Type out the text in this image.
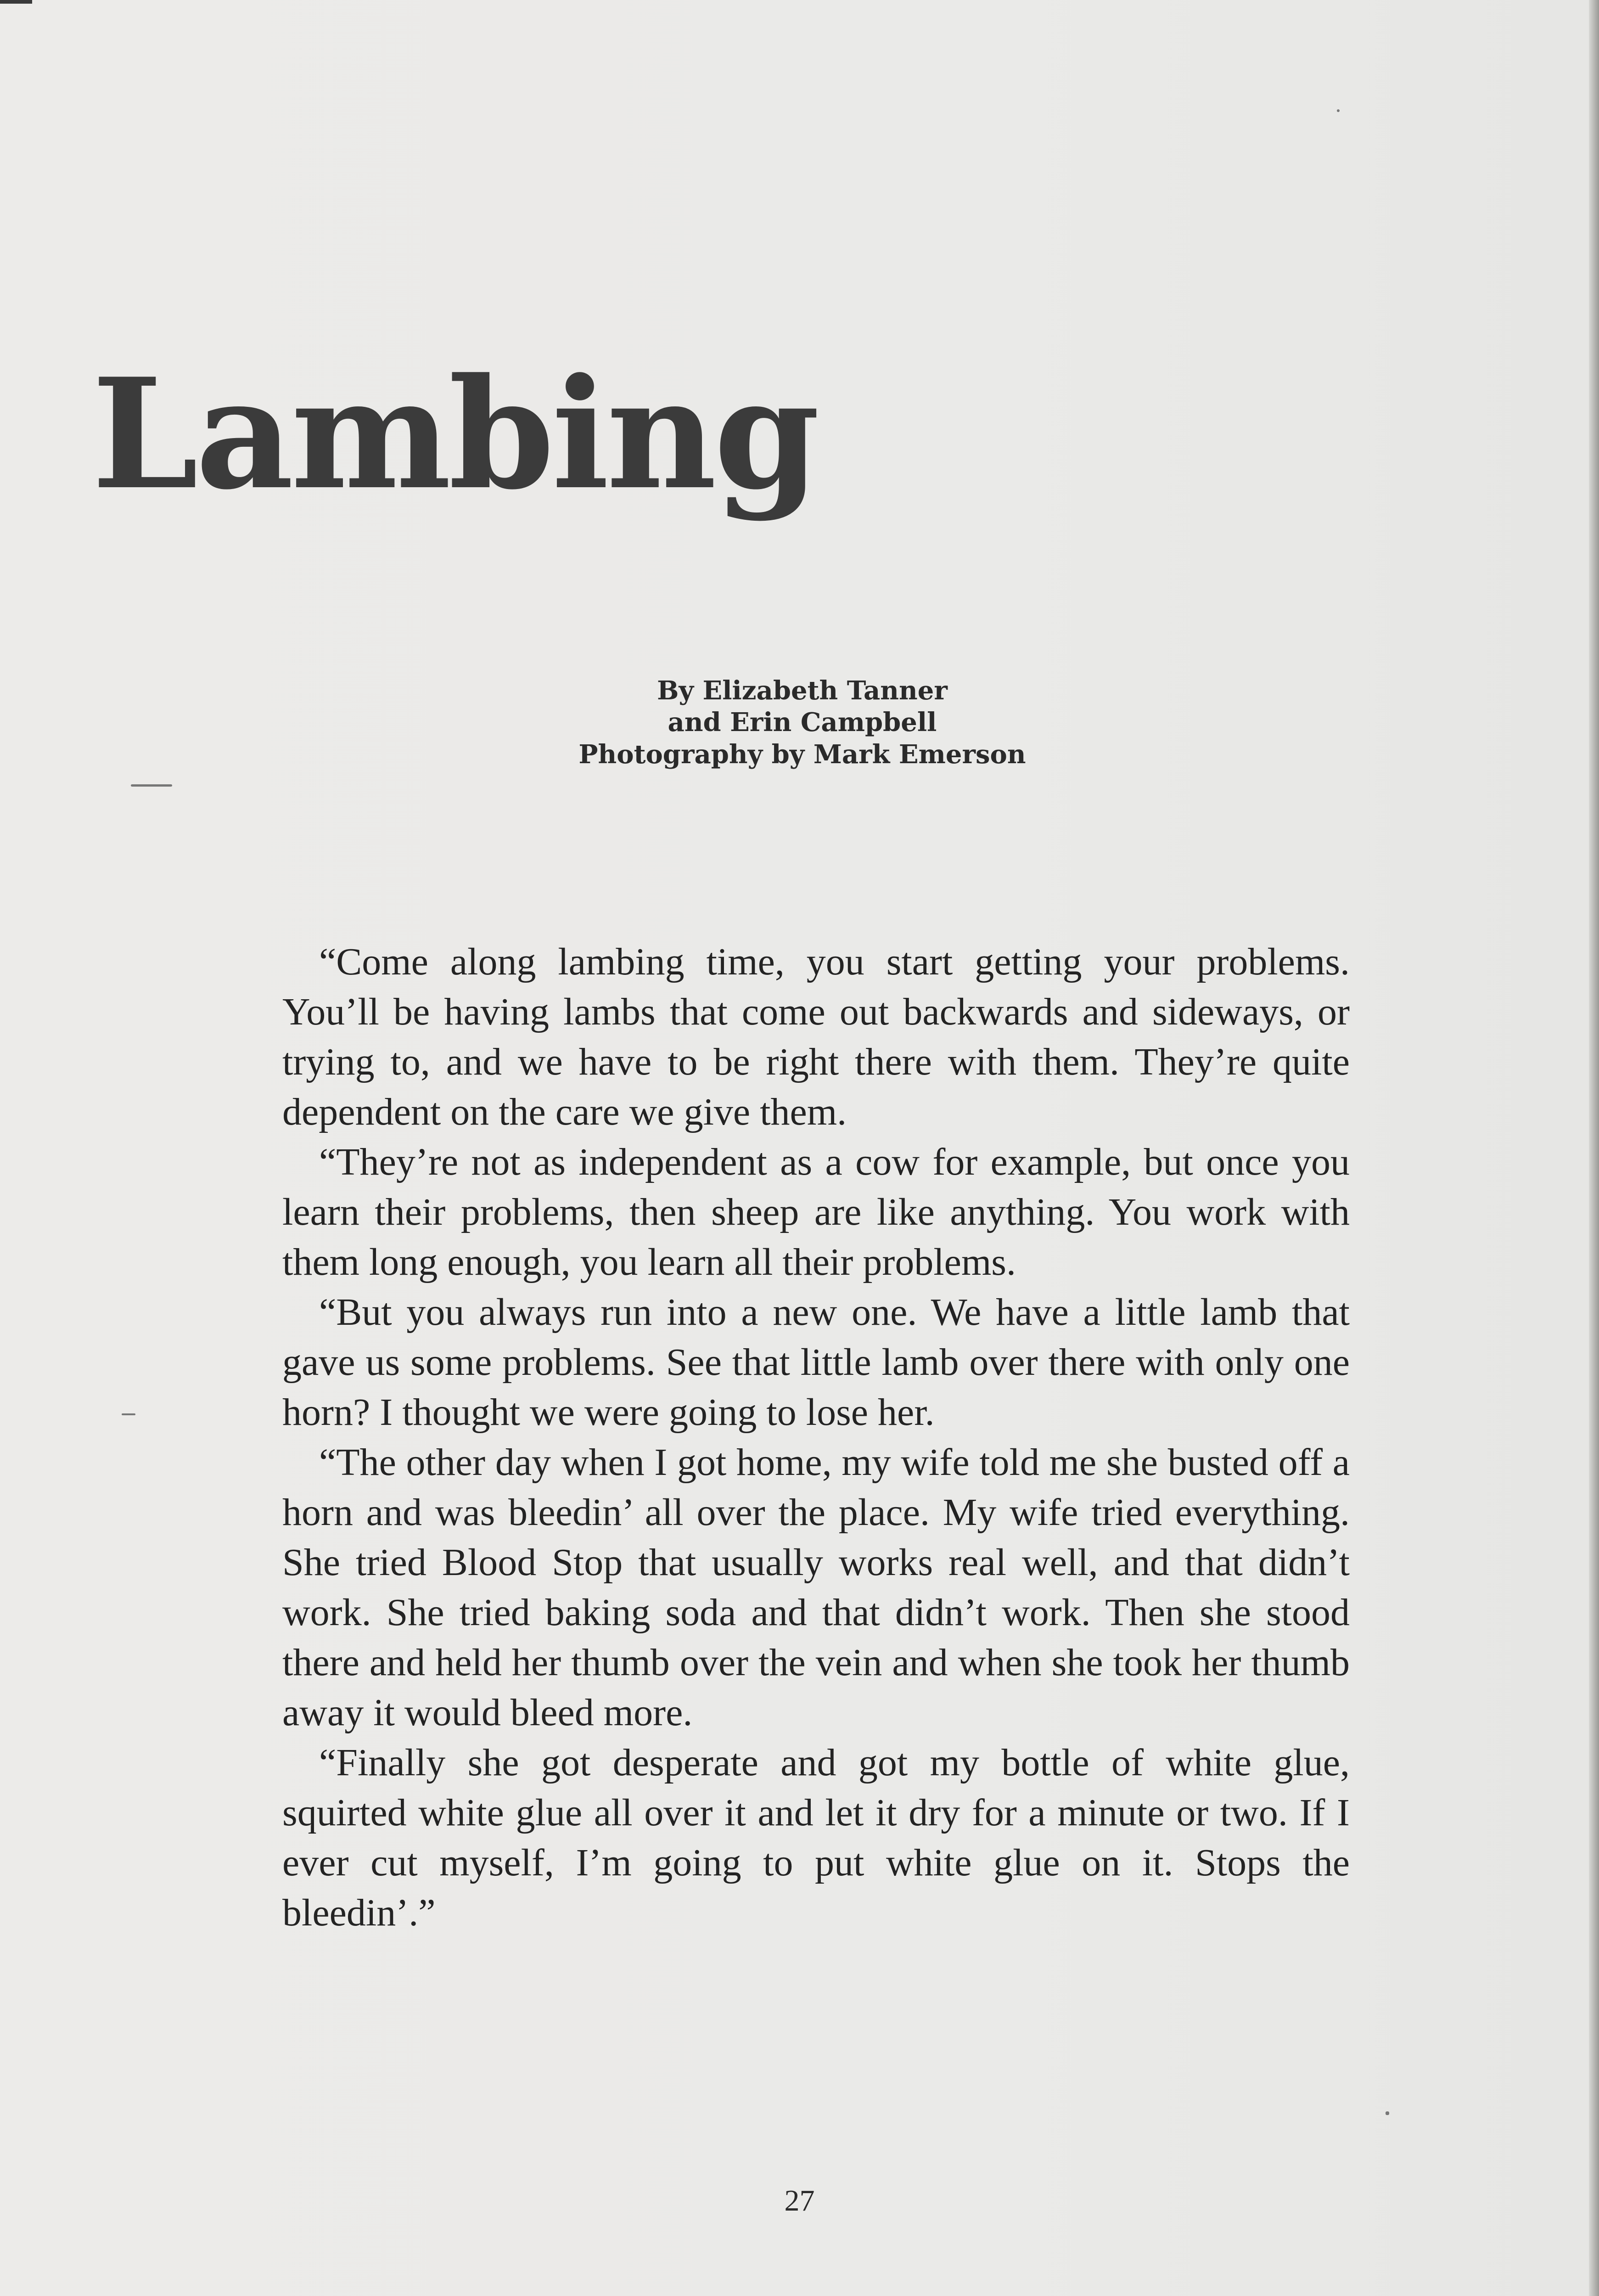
Lambing
By Elizabeth Tanner
and Erin Campbell
Photography by Mark Emerson

“Come along lambing time, you start getting your problems. You’ll be having lambs that come out backwards and sideways, or trying to, and we have to be right there with them. They’re quite dependent on the care we give them.

“They’re not as independent as a cow for example, but once you learn their problems, then sheep are like anything. You work with them long enough, you learn all their problems.

“But you always run into a new one. We have a little lamb that gave us some problems. See that little lamb over there with only one horn? I thought we were going to lose her.

“The other day when I got home, my wife told me she busted off a horn and was bleedin’ all over the place. My wife tried everything. She tried Blood Stop that usually works real well, and that didn’t work. She tried baking soda and that didn’t work. Then she stood there and held her thumb over the vein and when she took her thumb away it would bleed more.

“Finally she got desperate and got my bottle of white glue, squirted white glue all over it and let it dry for a minute or two. If I ever cut myself, I’m going to put white glue on it. Stops the bleedin’.”

27
